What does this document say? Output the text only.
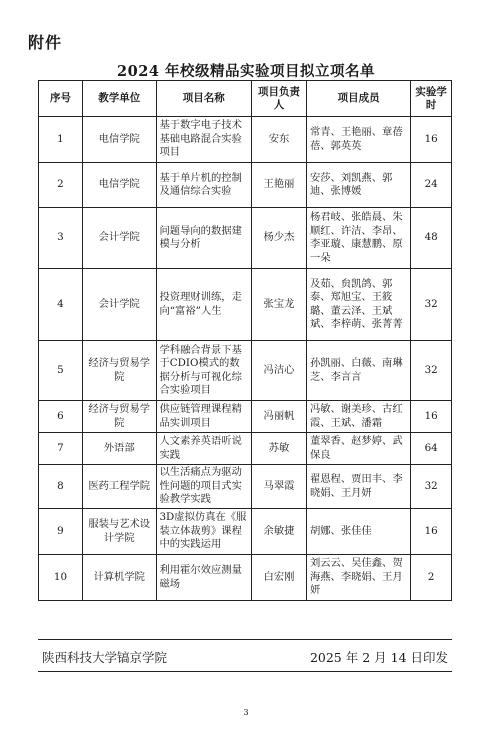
附件
2024 年校级精品实验项目拟立项名单
序号	教学单位	项目名称	项目负责人	项目成员	实验学时
1	电信学院	基于数字电子技术基础电路混合实验项目	安东	常青、王艳丽、章蓓蓓、郭英英	16
2	电信学院	基于单片机的控制及通信综合实验	王艳丽	安莎、刘凯燕、郭迪、张博媛	24
3	会计学院	问题导向的数据建模与分析	杨少杰	杨君岐、张皓晨、朱顺红、许洁、李昂、李亚璇、康慧鹏、原一朵	48
4	会计学院	投资理财训练，走向“富裕”人生	张宝龙	及茹、贠凯鸽、郭泰、郑旭宝、王筱璐、董云泽、王斌斌、李梓萌、张菁菁	32
5	经济与贸易学院	学科融合背景下基于CDIO模式的数据分析与可视化综合实验项目	冯洁心	孙凯丽、白薇、南琳芝、李言言	32
6	经济与贸易学院	供应链管理课程精品实训项目	冯丽帆	冯敏、谢美珍、古红霞、王斌、潘霜	16
7	外语部	人文素养英语听说实践	苏敏	董翠香、赵梦婷、武保良	64
8	医药工程学院	以生活痛点为驱动性问题的项目式实验教学实践	马翠霞	翟恩程、贾田丰、李晓娟、王月妍	32
9	服装与艺术设计学院	3D虚拟仿真在《服装立体裁剪》课程中的实践运用	余敏捷	胡娜、张佳佳	16
10	计算机学院	利用霍尔效应测量磁场	白宏刚	刘云云、吴佳鑫、贺海燕、李晓娟、王月妍	2
陕西科技大学镐京学院	2025 年 2 月 14 日印发
3
